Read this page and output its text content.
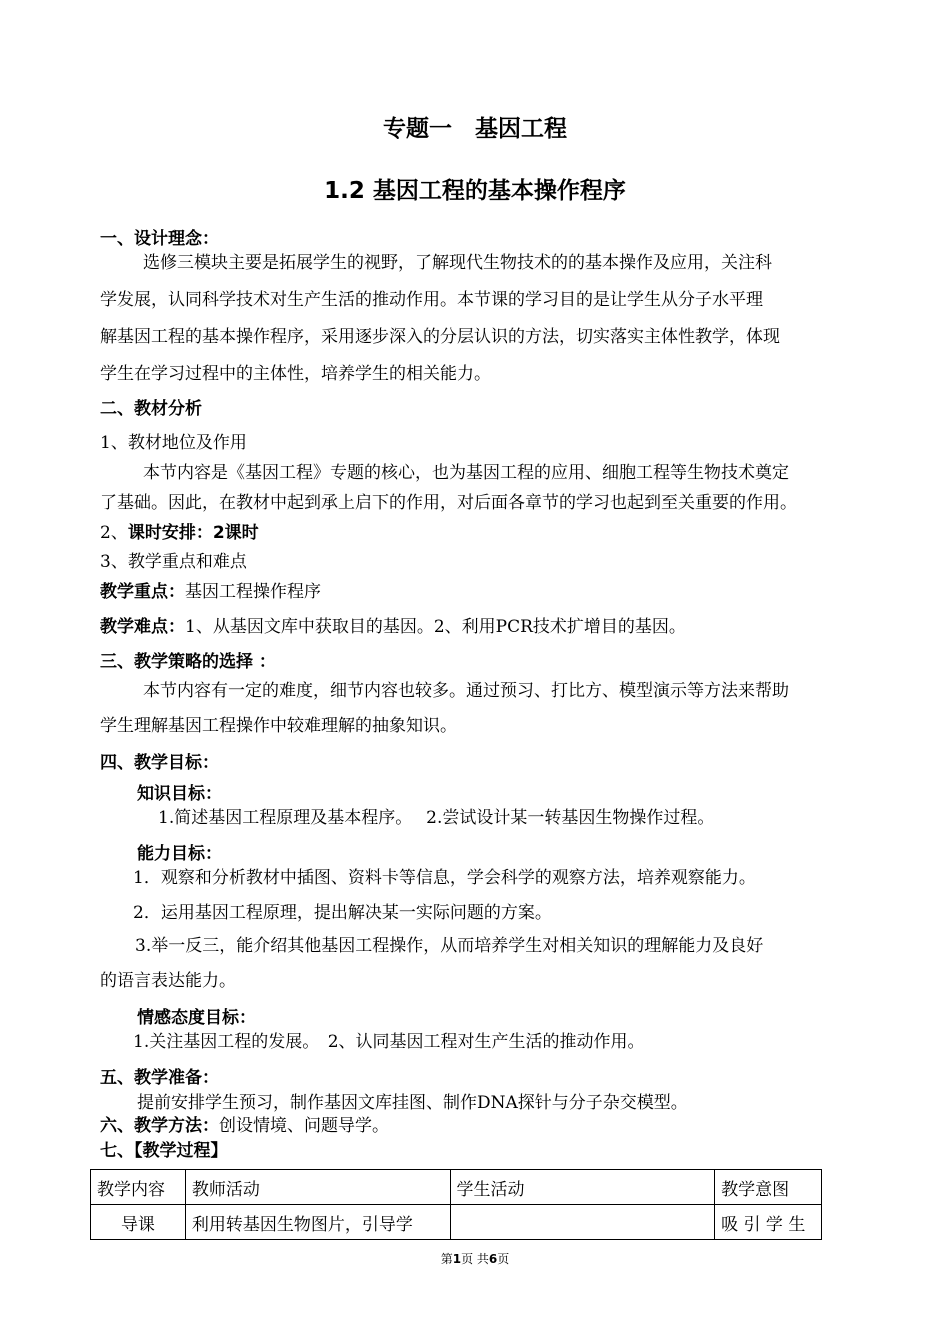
专题一　基因工程
1.2 基因工程的基本操作程序
一、设计理念：
选修三模块主要是拓展学生的视野，了解现代生物技术的的基本操作及应用，关注科
学发展，认同科学技术对生产生活的推动作用。本节课的学习目的是让学生从分子水平理
解基因工程的基本操作程序，采用逐步深入的分层认识的方法，切实落实主体性教学，体现
学生在学习过程中的主体性，培养学生的相关能力。
二、教材分析
1、教材地位及作用
本节内容是《基因工程》专题的核心，也为基因工程的应用、细胞工程等生物技术奠定
了基础。因此，在教材中起到承上启下的作用，对后面各章节的学习也起到至关重要的作用。
2、课时安排：2课时
3、教学重点和难点
教学重点：基因工程操作程序
教学难点：1、从基因文库中获取目的基因。2、利用PCR技术扩增目的基因。
三、教学策略的选择 ：
本节内容有一定的难度，细节内容也较多。通过预习、打比方、模型演示等方法来帮助
学生理解基因工程操作中较难理解的抽象知识。
四、教学目标：
知识目标：
1.简述基因工程原理及基本程序。　 2.尝试设计某一转基因生物操作过程。
能力目标：
1．观察和分析教材中插图、资料卡等信息，学会科学的观察方法，培养观察能力。
2．运用基因工程原理，提出解决某一实际问题的方案。
3.举一反三，能介绍其他基因工程操作，从而培养学生对相关知识的理解能力及良好
的语言表达能力。
情感态度目标：
1.关注基因工程的发展。　2、认同基因工程对生产生活的推动作用。
五、教学准备：
提前安排学生预习，制作基因文库挂图、制作DNA探针与分子杂交模型。
六、教学方法：创设情境、问题导学。
七、【教学过程】
教学内容	教师活动	学生活动	教学意图
导课	利用转基因生物图片，引导学		吸 引 学 生
第1页 共6页
